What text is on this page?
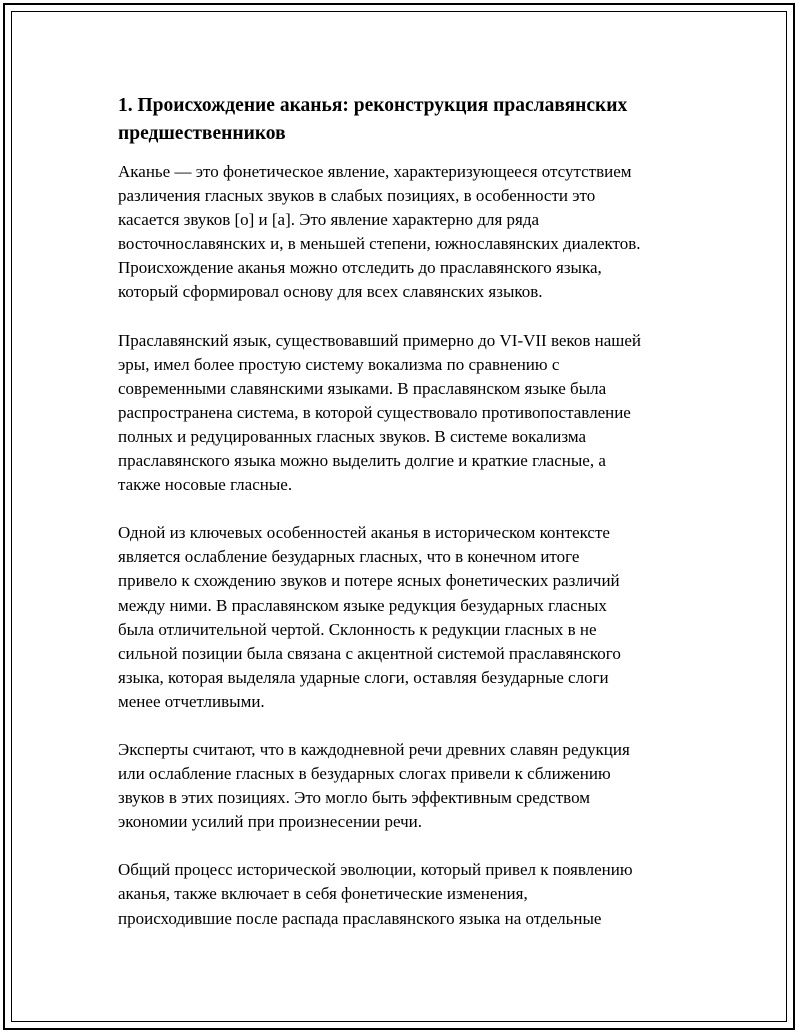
1. Происхождение аканья: реконструкция праславянских
предшественников

Аканье — это фонетическое явление, характеризующееся отсутствием
различения гласных звуков в слабых позициях, в особенности это
касается звуков [о] и [а]. Это явление характерно для ряда
восточнославянских и, в меньшей степени, южнославянских диалектов.
Происхождение аканья можно отследить до праславянского языка,
который сформировал основу для всех славянских языков.

Праславянский язык, существовавший примерно до VI-VII веков нашей
эры, имел более простую систему вокализма по сравнению с
современными славянскими языками. В праславянском языке была
распространена система, в которой существовало противопоставление
полных и редуцированных гласных звуков. В системе вокализма
праславянского языка можно выделить долгие и краткие гласные, а
также носовые гласные.

Одной из ключевых особенностей аканья в историческом контексте
является ослабление безударных гласных, что в конечном итоге
привело к схождению звуков и потере ясных фонетических различий
между ними. В праславянском языке редукция безударных гласных
была отличительной чертой. Склонность к редукции гласных в не
сильной позиции была связана с акцентной системой праславянского
языка, которая выделяла ударные слоги, оставляя безударные слоги
менее отчетливыми.

Эксперты считают, что в каждодневной речи древних славян редукция
или ослабление гласных в безударных слогах привели к сближению
звуков в этих позициях. Это могло быть эффективным средством
экономии усилий при произнесении речи.

Общий процесс исторической эволюции, который привел к появлению
аканья, также включает в себя фонетические изменения,
происходившие после распада праславянского языка на отдельные
